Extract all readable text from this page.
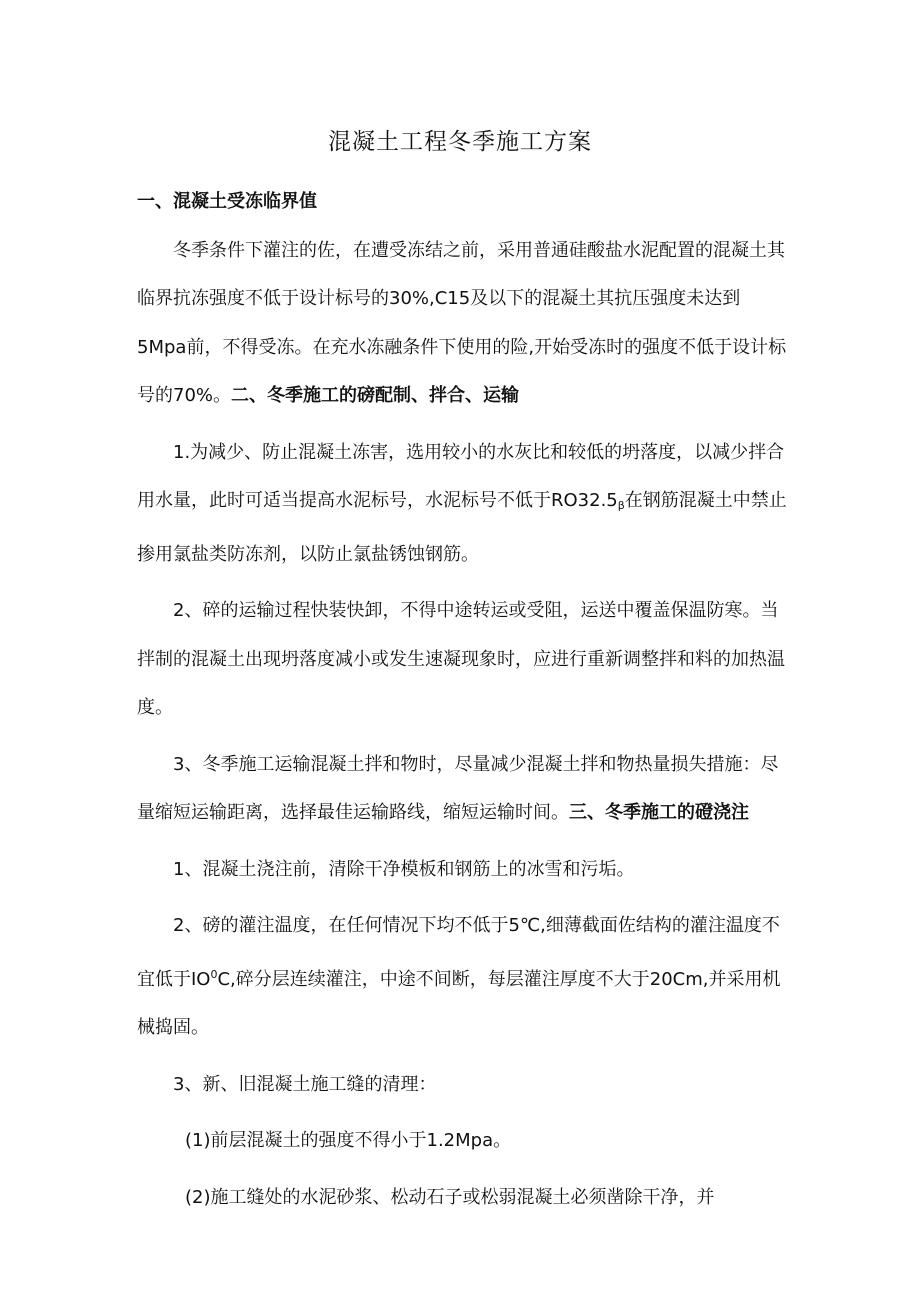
混凝土工程冬季施工方案

一、混凝土受冻临界值

冬季条件下灌注的佐，在遭受冻结之前，采用普通硅酸盐水泥配置的混凝土其临界抗冻强度不低于设计标号的30%,C15及以下的混凝土其抗压强度未达到5Mpa前，不得受冻。在充水冻融条件下使用的险,开始受冻时的强度不低于设计标号的70%。二、冬季施工的磅配制、拌合、运输

1.为减少、防止混凝土冻害，选用较小的水灰比和较低的坍落度，以减少拌合用水量，此时可适当提高水泥标号，水泥标号不低于$RO32.5_\beta$在钢筋混凝土中禁止掺用氯盐类防冻剂，以防止氯盐锈蚀钢筋。

2、碎的运输过程快装快卸，不得中途转运或受阻，运送中覆盖保温防寒。当拌制的混凝土出现坍落度减小或发生速凝现象时，应进行重新调整拌和料的加热温度。

3、冬季施工运输混凝土拌和物时，尽量减少混凝土拌和物热量损失措施：尽量缩短运输距离，选择最佳运输路线，缩短运输时间。三、冬季施工的磴浇注

1、混凝土浇注前，清除干净模板和钢筋上的冰雪和污垢。

2、磅的灌注温度，在任何情况下均不低于5℃,细薄截面佐结构的灌注温度不宜低于$IO^0C$,碎分层连续灌注，中途不间断，每层灌注厚度不大于20Cm,并采用机械捣固。

3、新、旧混凝土施工缝的清理：

(1)前层混凝土的强度不得小于1.2Mpa。

(2)施工缝处的水泥砂浆、松动石子或松弱混凝土必须凿除干净，并
